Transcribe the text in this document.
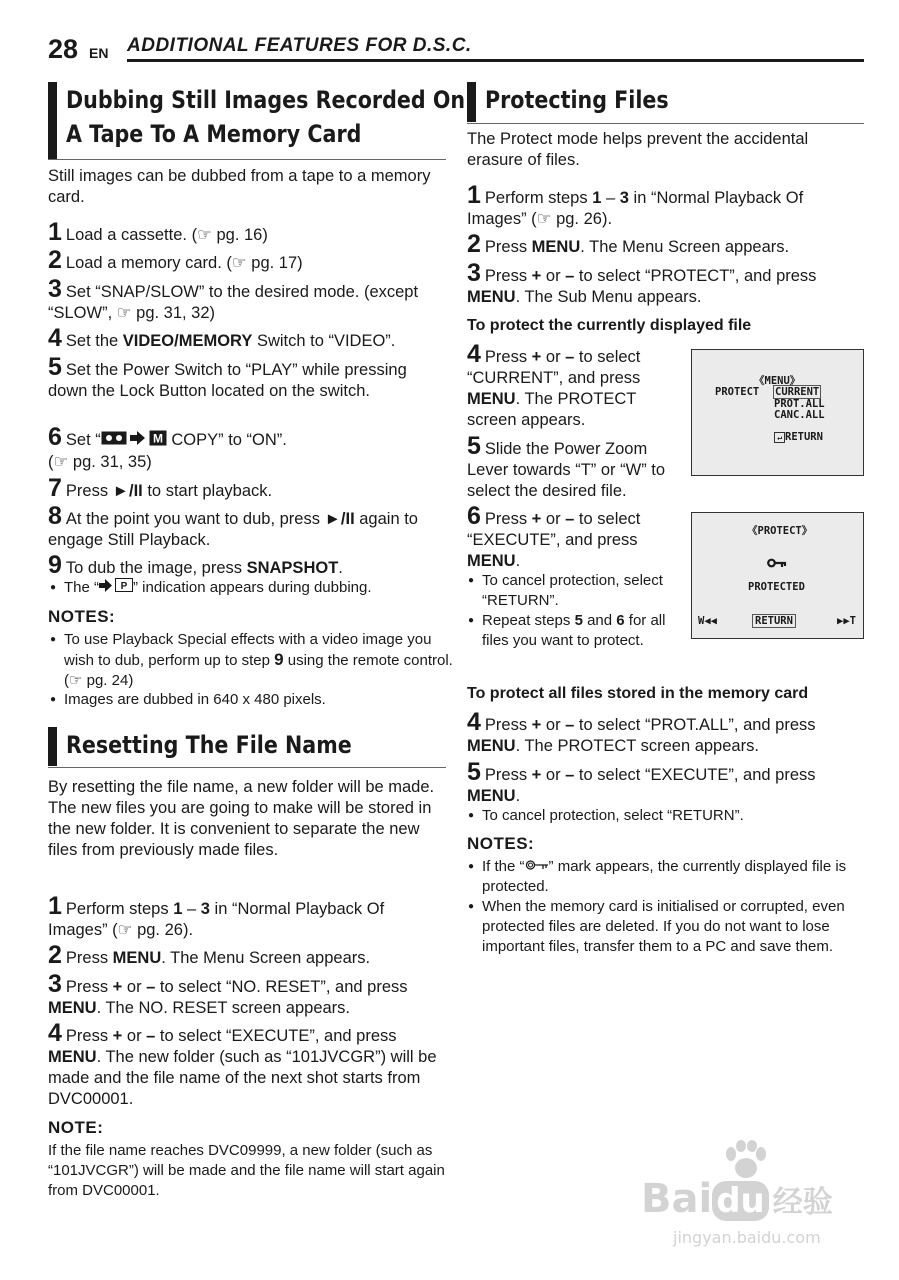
28 EN ADDITIONAL FEATURES FOR D.S.C.
Dubbing Still Images Recorded On
A Tape To A Memory Card
Still images can be dubbed from a tape to a memory card.
1 Load a cassette. (☞ pg. 16)
2 Load a memory card. (☞ pg. 17)
3 Set “SNAP/SLOW” to the desired mode. (except “SLOW”, ☞ pg. 31, 32)
4 Set the VIDEO/MEMORY Switch to “VIDEO”.
5 Set the Power Switch to “PLAY” while pressing down the Lock Button located on the switch.
6 Set “	M COPY” to “ON”.
(☞ pg. 31, 35)
7 Press ►/II to start playback.
8 At the point you want to dub, press ►/II again to engage Still Playback.
9 To dub the image, press SNAPSHOT.
● The “ P ” indication appears during dubbing.
NOTES:
● To use Playback Special effects with a video image you wish to dub, perform up to step 9 using the remote control. (☞ pg. 24)
● Images are dubbed in 640 x 480 pixels.
Resetting The File Name
By resetting the file name, a new folder will be made. The new files you are going to make will be stored in the new folder. It is convenient to separate the new files from previously made files.
1 Perform steps 1 – 3 in “Normal Playback Of Images” (☞ pg. 26).
2 Press MENU. The Menu Screen appears.
3 Press + or – to select “NO. RESET”, and press MENU. The NO. RESET screen appears.
4 Press + or – to select “EXECUTE”, and press MENU. The new folder (such as “101JVCGR”) will be made and the file name of the next shot starts from DVC00001.
NOTE:
If the file name reaches DVC09999, a new folder (such as “101JVCGR”) will be made and the file name will start again from DVC00001.
Protecting Files
The Protect mode helps prevent the accidental erasure of files.
1 Perform steps 1 – 3 in “Normal Playback Of Images” (☞ pg. 26).
2 Press MENU. The Menu Screen appears.
3 Press + or – to select “PROTECT”, and press MENU. The Sub Menu appears.
To protect the currently displayed file
4 Press + or – to select “CURRENT”, and press MENU. The PROTECT screen appears.
5 Slide the Power Zoom Lever towards “T” or “W” to select the desired file.
6 Press + or – to select “EXECUTE”, and press MENU.
● To cancel protection, select “RETURN”.
● Repeat steps 5 and 6 for all files you want to protect.
《MENU》
PROTECT CURRENT
PROT.ALL
CANC.ALL
↵ RETURN
《PROTECT》
PROTECTED
W◀◀	RETURN	▶▶T
To protect all files stored in the memory card
4 Press + or – to select “PROT.ALL”, and press MENU. The PROTECT screen appears.
5 Press + or – to select “EXECUTE”, and press MENU.
● To cancel protection, select “RETURN”.
NOTES:
● If the “ ” mark appears, the currently displayed file is protected.
● When the memory card is initialised or corrupted, even protected files are deleted. If you do not want to lose important files, transfer them to a PC and save them.
Bai du 经验
jingyan.baidu.com
